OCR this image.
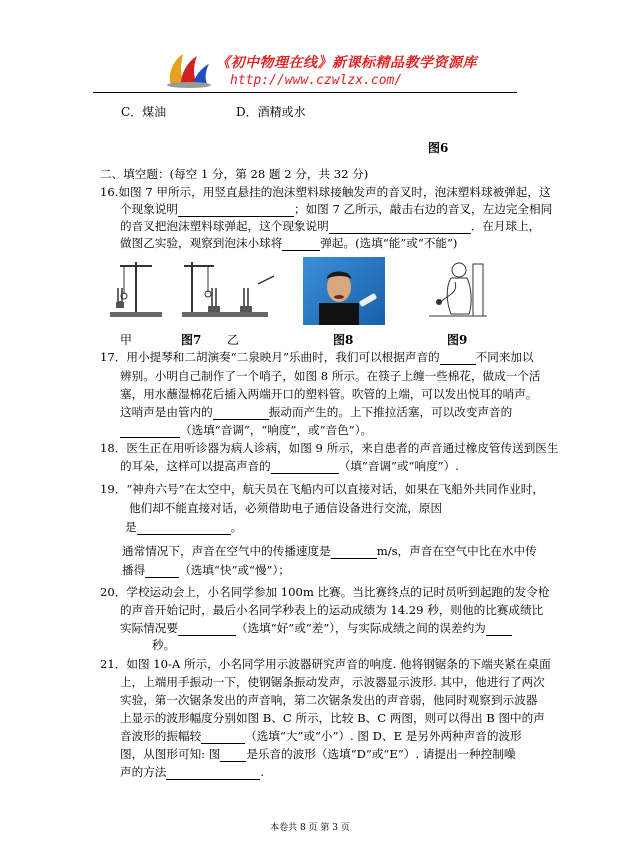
《初中物理在线》新课标精品教学资源库
http://www.czwlzx.com/
C．煤油	D．酒精或水
图6
二、填空题：(每空 1 分，第 28 题 2 分，共 32 分)
16.如图 7 甲所示，用竖直悬挂的泡沫塑料球接触发声的音叉时，泡沫塑料球被弹起，这
个现象说明	；如图 7 乙所示，敲击右边的音叉，左边完全相同
的音叉把泡沫塑料球弹起，这个现象说明	．在月球上，
做图乙实验，观察到泡沫小球将	弹起。(选填“能”或“不能”)
甲	图7 乙	图8	图9
17．用小提琴和二胡演奏“二泉映月”乐曲时，我们可以根据声音的	不同来加以
辨别。小明自己制作了一个哨子，如图 8 所示。在筷子上缠一些棉花，做成一个活
塞，用水蘸湿棉花后插入两端开口的塑料管。吹管的上端，可以发出悦耳的哨声。
这哨声是由管内的	振动而产生的。上下推拉活塞，可以改变声音的
（选填“音调”，“响度”，或“音色”）。
18．医生正在用听诊器为病人诊病，如图 9 所示，来自患者的声音通过橡皮管传送到医生
的耳朵，这样可以提高声音的	（填“音调”或“响度”）.
19．“神舟六号”在太空中，航天员在飞船内可以直接对话，如果在飞船外共同作业时，
他们却不能直接对话，必须借助电子通信设备进行交流，原因
是	。
通常情况下，声音在空气中的传播速度是	m/s，声音在空气中比在水中传
播得	（选填“快”或“慢”）；
20．学校运动会上，小名同学参加 100m 比赛。当比赛终点的记时员听到起跑的发令枪
的声音开始记时，最后小名同学秒表上的运动成绩为 14.29 秒，则他的比赛成绩比
实际情况要	（选填“好”或“差”），与实际成绩之间的误差约为
秒。
21．如图 10-A 所示，小名同学用示波器研究声音的响度. 他将钢锯条的下端夹紧在桌面
上，上端用手振动一下，使钢锯条振动发声，示波器显示波形. 其中，他进行了两次
实验，第一次锯条发出的声音响，第二次锯条发出的声音弱，他同时观察到示波器
上显示的波形幅度分别如图 B、C 所示，比较 B、C 两图，则可以得出 B 图中的声
音波形的振幅较	（选填“大”或“小”）. 图 D、E 是另外两种声音的波形
图，从图形可知: 图 是乐音的波形（选填“D”或“E”）. 请提出一种控制噪
声的方法	.
本卷共 8 页 第 3 页
